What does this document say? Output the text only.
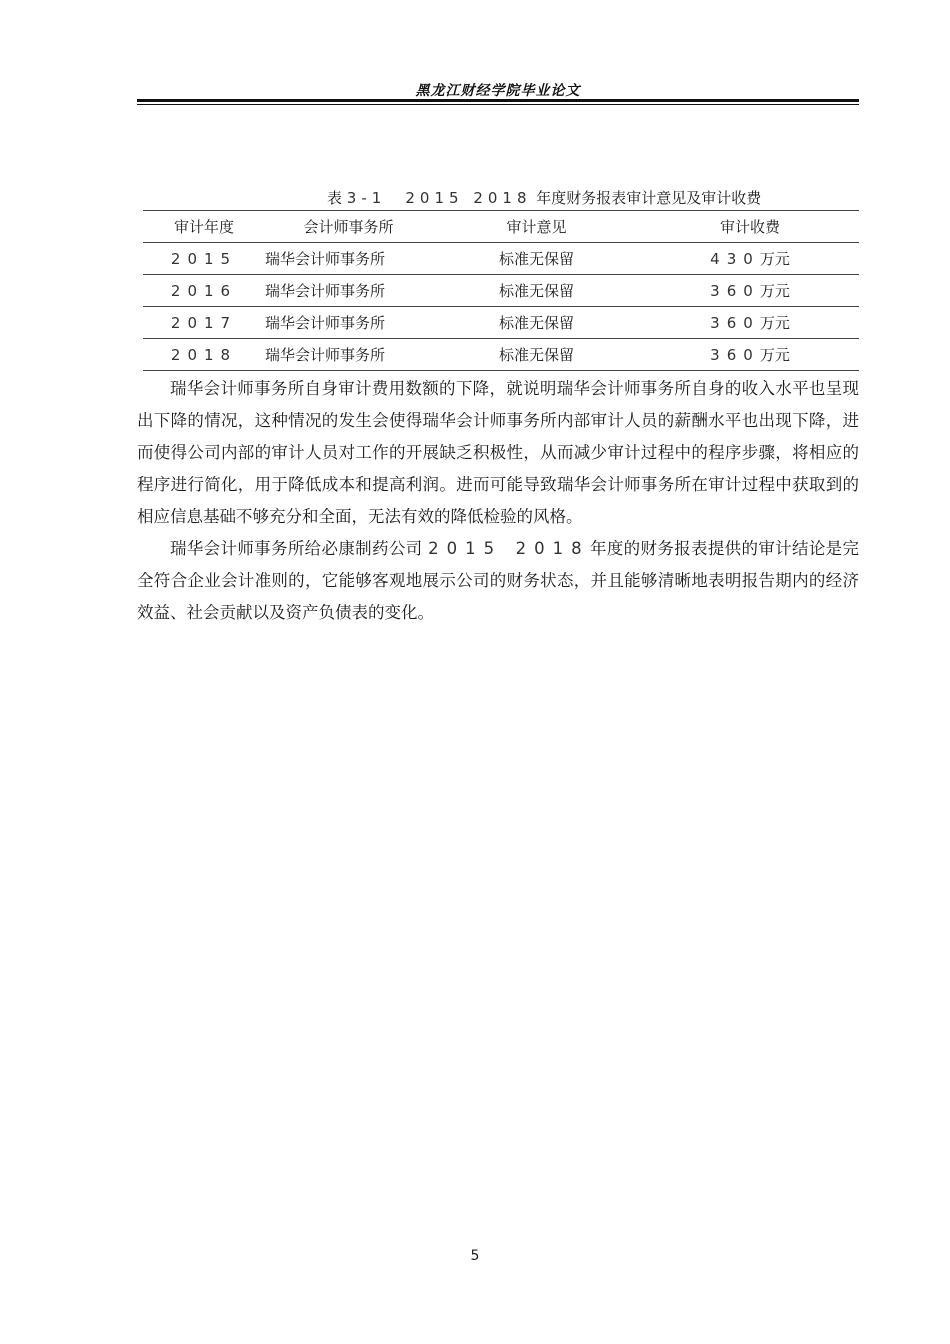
黑龙江财经学院毕业论文
表 3-1 2015 2018 年度财务报表审计意见及审计收费
审计年度	会计师事务所	审计意见	审计收费
2015	瑞华会计师事务所	标准无保留	430万元
2016	瑞华会计师事务所	标准无保留	360万元
2017	瑞华会计师事务所	标准无保留	360万元
2018	瑞华会计师事务所	标准无保留	360万元

瑞华会计师事务所自身审计费用数额的下降，就说明瑞华会计师事务所自身的收入水平也呈现出下降的情况，这种情况的发生会使得瑞华会计师事务所内部审计人员的薪酬水平也出现下降，进而使得公司内部的审计人员对工作的开展缺乏积极性，从而减少审计过程中的程序步骤，将相应的程序进行简化，用于降低成本和提高利润。进而可能导致瑞华会计师事务所在审计过程中获取到的相应信息基础不够充分和全面，无法有效的降低检验的风格。

瑞华会计师事务所给必康制药公司 2015 2018年度的财务报表提供的审计结论是完全符合企业会计准则的，它能够客观地展示公司的财务状态，并且能够清晰地表明报告期内的经济效益、社会贡献以及资产负债表的变化。

5
